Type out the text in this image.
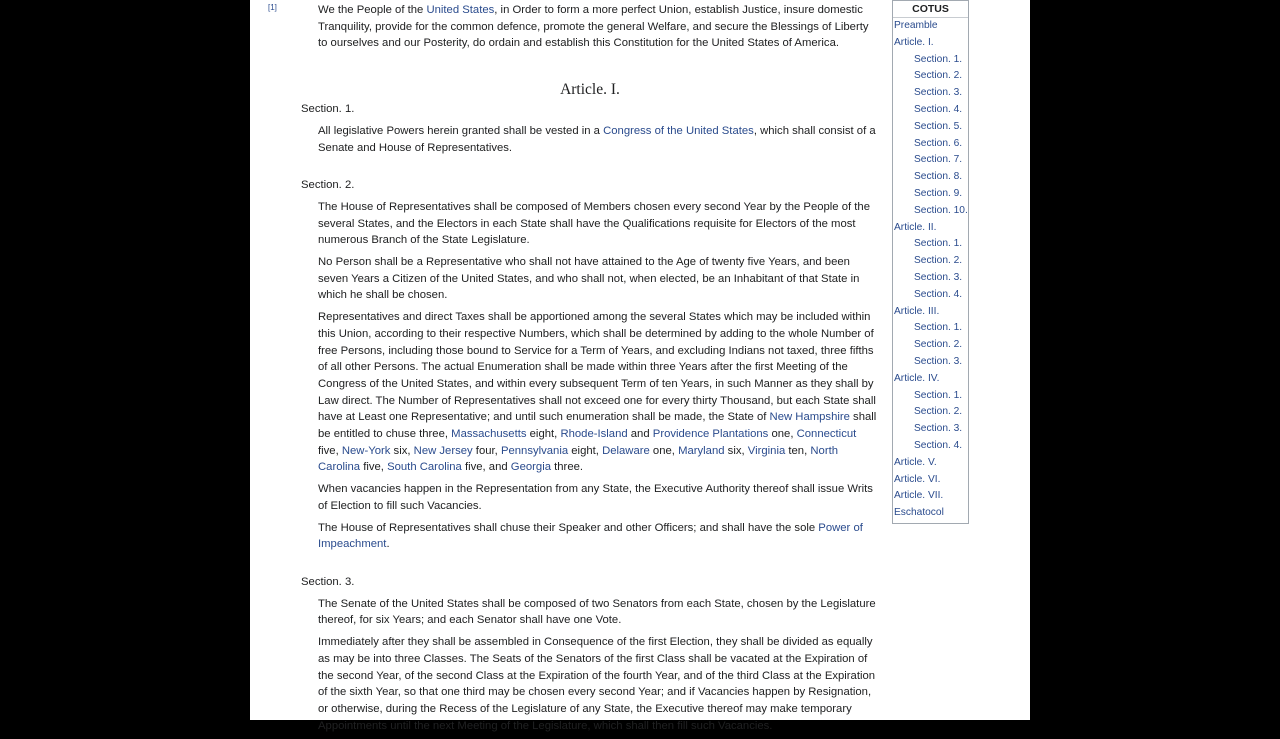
[1]	We the People of the United States, in Order to form a more perfect Union, establish Justice, insure domestic Tranquility, provide for the common defence, promote the general Welfare, and secure the Blessings of Liberty to ourselves and our Posterity, do ordain and establish this Constitution for the United States of America.

Article. I.
Section. 1.

All legislative Powers herein granted shall be vested in a Congress of the United States, which shall consist of a Senate and House of Representatives.

Section. 2.

The House of Representatives shall be composed of Members chosen every second Year by the People of the several States, and the Electors in each State shall have the Qualifications requisite for Electors of the most numerous Branch of the State Legislature.

No Person shall be a Representative who shall not have attained to the Age of twenty five Years, and been seven Years a Citizen of the United States, and who shall not, when elected, be an Inhabitant of that State in which he shall be chosen.

Representatives and direct Taxes shall be apportioned among the several States which may be included within this Union, according to their respective Numbers, which shall be determined by adding to the whole Number of free Persons, including those bound to Service for a Term of Years, and excluding Indians not taxed, three fifths of all other Persons. The actual Enumeration shall be made within three Years after the first Meeting of the Congress of the United States, and within every subsequent Term of ten Years, in such Manner as they shall by Law direct. The Number of Representatives shall not exceed one for every thirty Thousand, but each State shall have at Least one Representative; and until such enumeration shall be made, the State of New Hampshire shall be entitled to chuse three, Massachusetts eight, Rhode-Island and Providence Plantations one, Connecticut five, New-York six, New Jersey four, Pennsylvania eight, Delaware one, Maryland six, Virginia ten, North Carolina five, South Carolina five, and Georgia three.

When vacancies happen in the Representation from any State, the Executive Authority thereof shall issue Writs of Election to fill such Vacancies.

The House of Representatives shall chuse their Speaker and other Officers; and shall have the sole Power of Impeachment.

Section. 3.

The Senate of the United States shall be composed of two Senators from each State, chosen by the Legislature thereof, for six Years; and each Senator shall have one Vote.

Immediately after they shall be assembled in Consequence of the first Election, they shall be divided as equally as may be into three Classes. The Seats of the Senators of the first Class shall be vacated at the Expiration of the second Year, of the second Class at the Expiration of the fourth Year, and of the third Class at the Expiration of the sixth Year, so that one third may be chosen every second Year; and if Vacancies happen by Resignation, or otherwise, during the Recess of the Legislature of any State, the Executive thereof may make temporary Appointments until the next Meeting of the Legislature, which shall then fill such Vacancies.

COTUS
Preamble
Article. I.
Section. 1.
Section. 2.
Section. 3.
Section. 4.
Section. 5.
Section. 6.
Section. 7.
Section. 8.
Section. 9.
Section. 10.
Article. II.
Section. 1.
Section. 2.
Section. 3.
Section. 4.
Article. III.
Section. 1.
Section. 2.
Section. 3.
Article. IV.
Section. 1.
Section. 2.
Section. 3.
Section. 4.
Article. V.
Article. VI.
Article. VII.
Eschatocol
